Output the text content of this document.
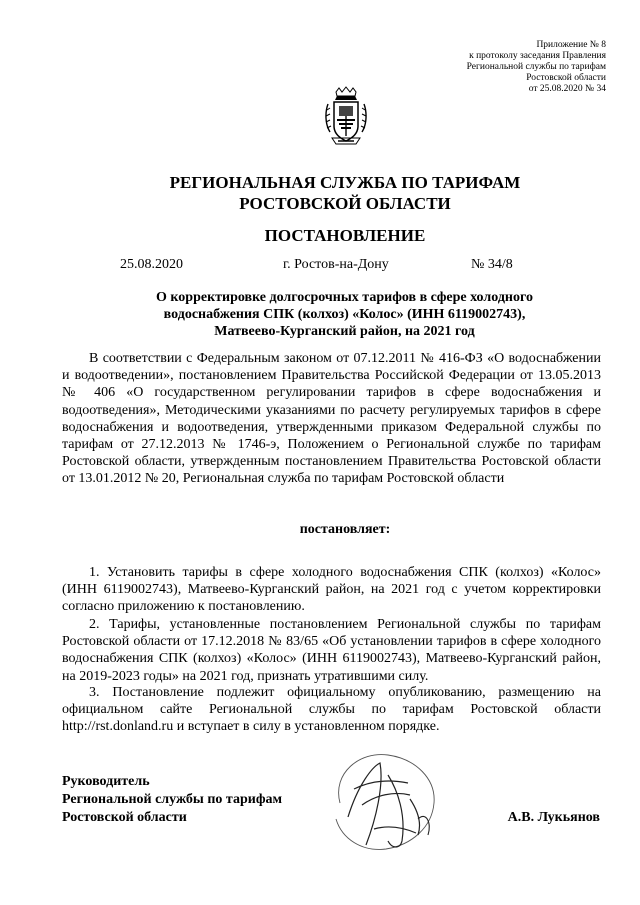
Приложение № 8
к протоколу заседания Правления
Региональной службы по тарифам
Ростовской области
от 25.08.2020 № 34
РЕГИОНАЛЬНАЯ СЛУЖБА ПО ТАРИФАМ
РОСТОВСКОЙ ОБЛАСТИ
ПОСТАНОВЛЕНИЕ
25.08.2020	г. Ростов-на-Дону	№ 34/8
О корректировке долгосрочных тарифов в сфере холодного
водоснабжения СПК (колхоз) «Колос» (ИНН 6119002743),
Матвеево-Курганский район, на 2021 год

В соответствии с Федеральным законом от 07.12.2011 № 416-ФЗ «О водоснабжении и водоотведении», постановлением Правительства Российской Федерации от 13.05.2013 № 406 «О государственном регулировании тарифов в сфере водоснабжения и водоотведения», Методическими указаниями по расчету регулируемых тарифов в сфере водоснабжения и водоотведения, утвержденными приказом Федеральной службы по тарифам от 27.12.2013 № 1746-э, Положением о Региональной службе по тарифам Ростовской области, утвержденным постановлением Правительства Ростовской области от 13.01.2012 № 20, Региональная служба по тарифам Ростовской области

постановляет:

1. Установить тарифы в сфере холодного водоснабжения СПК (колхоз) «Колос» (ИНН 6119002743), Матвеево-Курганский район, на 2021 год с учетом корректировки согласно приложению к постановлению.

2. Тарифы, установленные постановлением Региональной службы по тарифам Ростовской области от 17.12.2018 № 83/65 «Об установлении тарифов в сфере холодного водоснабжения СПК (колхоз) «Колос» (ИНН 6119002743), Матвеево-Курганский район, на 2019-2023 годы» на 2021 год, признать утратившими силу.

3. Постановление подлежит официальному опубликованию, размещению на официальном сайте Региональной службы по тарифам Ростовской области http://rst.donland.ru и вступает в силу в установленном порядке.

Руководитель
Региональной службы по тарифам
Ростовской области	А.В. Лукьянов
